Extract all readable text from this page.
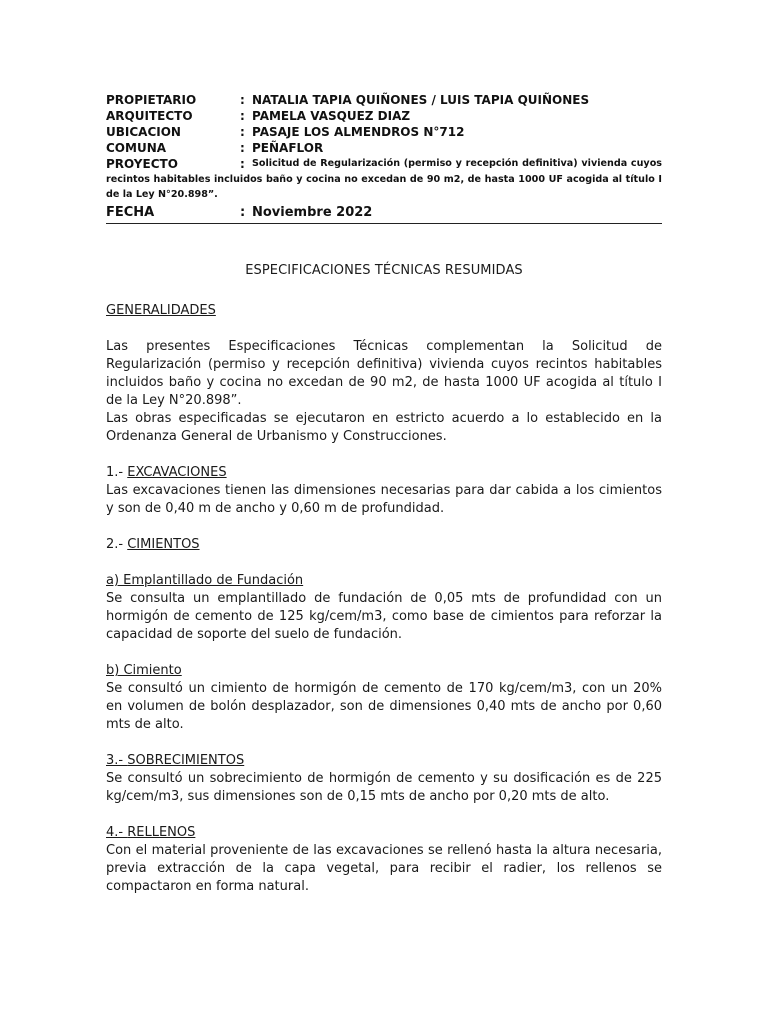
PROPIETARIO	: NATALIA TAPIA QUIÑONES / LUIS TAPIA QUIÑONES
ARQUITECTO	: PAMELA VASQUEZ DIAZ
UBICACION	: PASAJE LOS ALMENDROS N°712
COMUNA	: PEÑAFLOR
PROYECTO	: Solicitud de Regularización (permiso y recepción definitiva) vivienda cuyos
recintos habitables incluidos baño y cocina no excedan de 90 m2, de hasta 1000 UF acogida al título I de la Ley N°20.898”.
FECHA	: Noviembre 2022
ESPECIFICACIONES TÉCNICAS RESUMIDAS

GENERALIDADES

Las presentes Especificaciones Técnicas complementan la Solicitud de Regularización (permiso y recepción definitiva) vivienda cuyos recintos habitables incluidos baño y cocina no excedan de 90 m2, de hasta 1000 UF acogida al título I de la Ley N°20.898”.

Las obras especificadas se ejecutaron en estricto acuerdo a lo establecido en la Ordenanza General de Urbanismo y Construcciones.

1.- EXCAVACIONES

Las excavaciones tienen las dimensiones necesarias para dar cabida a los cimientos y son de 0,40 m de ancho y 0,60 m de profundidad.

2.- CIMIENTOS

a) Emplantillado de Fundación

Se consulta un emplantillado de fundación de 0,05 mts de profundidad con un hormigón de cemento de 125 kg/cem/m3, como base de cimientos para reforzar la capacidad de soporte del suelo de fundación.

b) Cimiento

Se consultó un cimiento de hormigón de cemento de 170 kg/cem/m3, con un 20% en volumen de bolón desplazador, son de dimensiones 0,40 mts de ancho por 0,60 mts de alto.

3.- SOBRECIMIENTOS

Se consultó un sobrecimiento de hormigón de cemento y su dosificación es de 225 kg/cem/m3, sus dimensiones son de 0,15 mts de ancho por 0,20 mts de alto.

4.- RELLENOS

Con el material proveniente de las excavaciones se rellenó hasta la altura necesaria, previa extracción de la capa vegetal, para recibir el radier, los rellenos se compactaron en forma natural.
